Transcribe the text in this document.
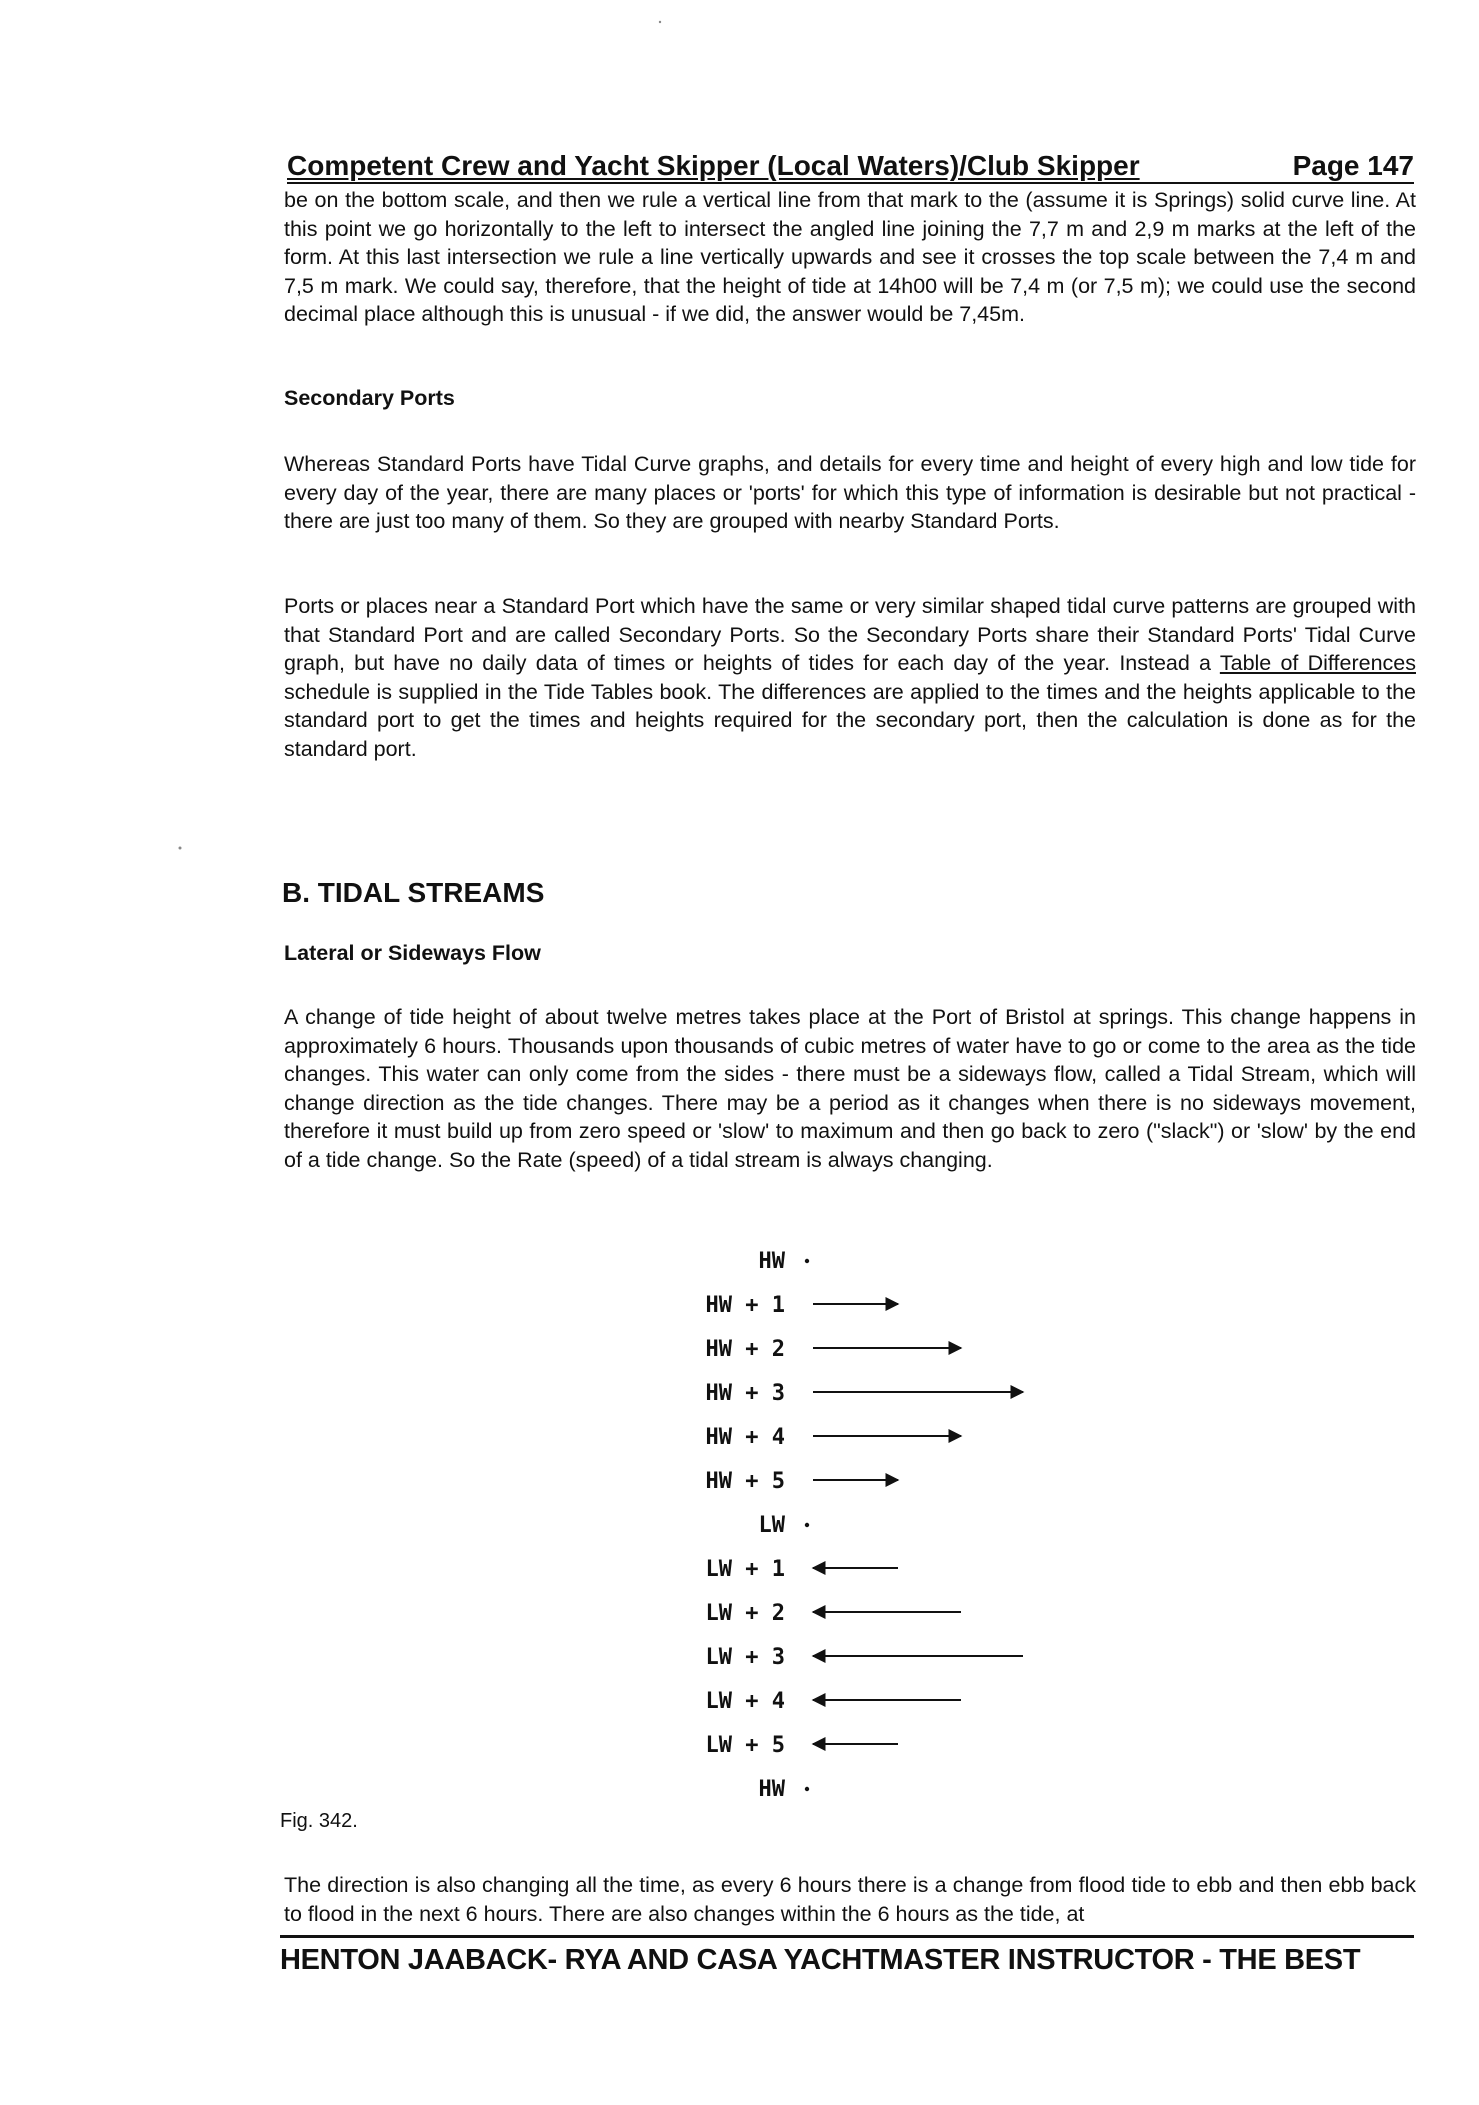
Competent Crew and Yacht Skipper (Local Waters)/Club Skipper	Page 147

be on the bottom scale, and then we rule a vertical line from that mark to the (assume it is Springs) solid curve line. At this point we go horizontally to the left to intersect the angled line joining the 7,7 m and 2,9 m marks at the left of the form. At this last intersection we rule a line vertically upwards and see it crosses the top scale between the 7,4 m and 7,5 m mark. We could say, therefore, that the height of tide at 14h00 will be 7,4 m (or 7,5 m); we could use the second decimal place although this is unusual - if we did, the answer would be 7,45m.

Secondary Ports

Whereas Standard Ports have Tidal Curve graphs, and details for every time and height of every high and low tide for every day of the year, there are many places or 'ports' for which this type of information is desirable but not practical - there are just too many of them. So they are grouped with nearby Standard Ports.

Ports or places near a Standard Port which have the same or very similar shaped tidal curve patterns are grouped with that Standard Port and are called Secondary Ports. So the Secondary Ports share their Standard Ports' Tidal Curve graph, but have no daily data of times or heights of tides for each day of the year. Instead a Table of Differences schedule is supplied in the Tide Tables book. The differences are applied to the times and the heights applicable to the standard port to get the times and heights required for the secondary port, then the calculation is done as for the standard port.

B. TIDAL STREAMS

Lateral or Sideways Flow

A change of tide height of about twelve metres takes place at the Port of Bristol at springs. This change happens in approximately 6 hours. Thousands upon thousands of cubic metres of water have to go or come to the area as the tide changes. This water can only come from the sides - there must be a sideways flow, called a Tidal Stream, which will change direction as the tide changes. There may be a period as it changes when there is no sideways movement, therefore it must build up from zero speed or 'slow' to maximum and then go back to zero ("slack") or 'slow' by the end of a tide change. So the Rate (speed) of a tidal stream is always changing.

HW
HW + 1
HW + 2
HW + 3
HW + 4
HW + 5
LW
LW + 1
LW + 2
LW + 3
LW + 4
LW + 5
HW

Fig. 342.

The direction is also changing all the time, as every 6 hours there is a change from flood tide to ebb and then ebb back to flood in the next 6 hours. There are also changes within the 6 hours as the tide, at

HENTON JAABACK- RYA AND CASA YACHTMASTER INSTRUCTOR - THE BEST
